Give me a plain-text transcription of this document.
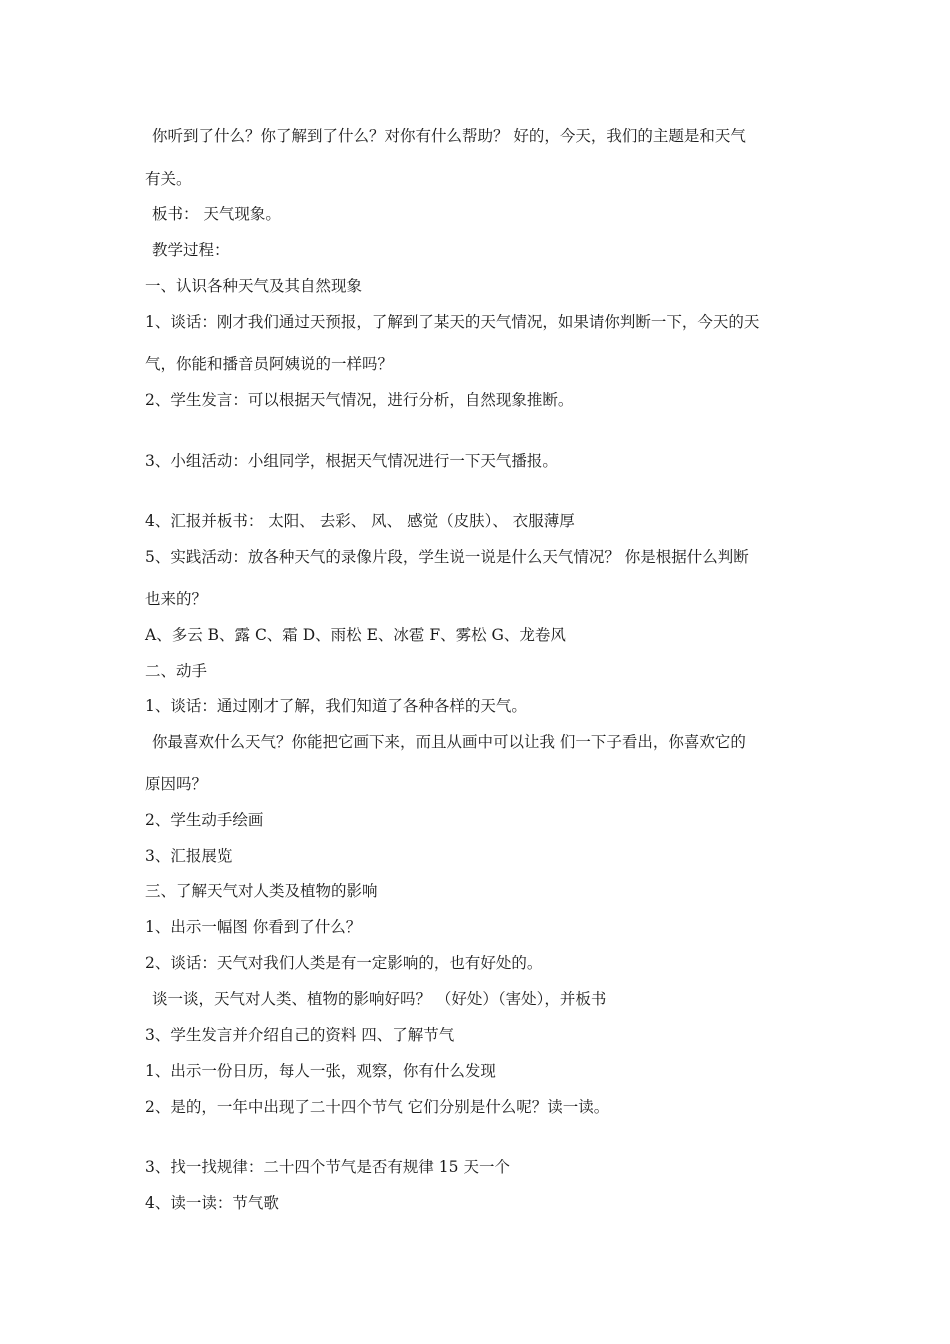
你听到了什么？你了解到了什么？对你有什么帮助？ 好的，今天，我们的主题是和天气
有关。
板书： 天气现象。
教学过程：
一、认识各种天气及其自然现象
1、谈话：刚才我们通过天预报，了解到了某天的天气情况，如果请你判断一下，今天的天
气，你能和播音员阿姨说的一样吗？
2、学生发言：可以根据天气情况，进行分析，自然现象推断。
3、小组活动：小组同学，根据天气情况进行一下天气播报。
4、汇报并板书： 太阳、 去彩、 风、 感觉（皮肤）、 衣服薄厚
5、实践活动：放各种天气的录像片段，学生说一说是什么天气情况？ 你是根据什么判断
也来的？
A、多云 B、露 C、霜 D、雨松 E、冰雹 F、雾松 G、龙卷风
二、动手
1、谈话：通过刚才了解，我们知道了各种各样的天气。
你最喜欢什么天气？你能把它画下来，而且从画中可以让我 们一下子看出，你喜欢它的
原因吗？
2、学生动手绘画
3、汇报展览
三、了解天气对人类及植物的影响
1、出示一幅图 你看到了什么？
2、谈话：天气对我们人类是有一定影响的，也有好处的。
谈一谈，天气对人类、植物的影响好吗？ （好处）（害处），并板书
3、学生发言并介绍自己的资料 四、了解节气
1、出示一份日历，每人一张，观察，你有什么发现
2、是的，一年中出现了二十四个节气 它们分别是什么呢？读一读。
3、找一找规律：二十四个节气是否有规律 15 天一个
4、读一读：节气歌
